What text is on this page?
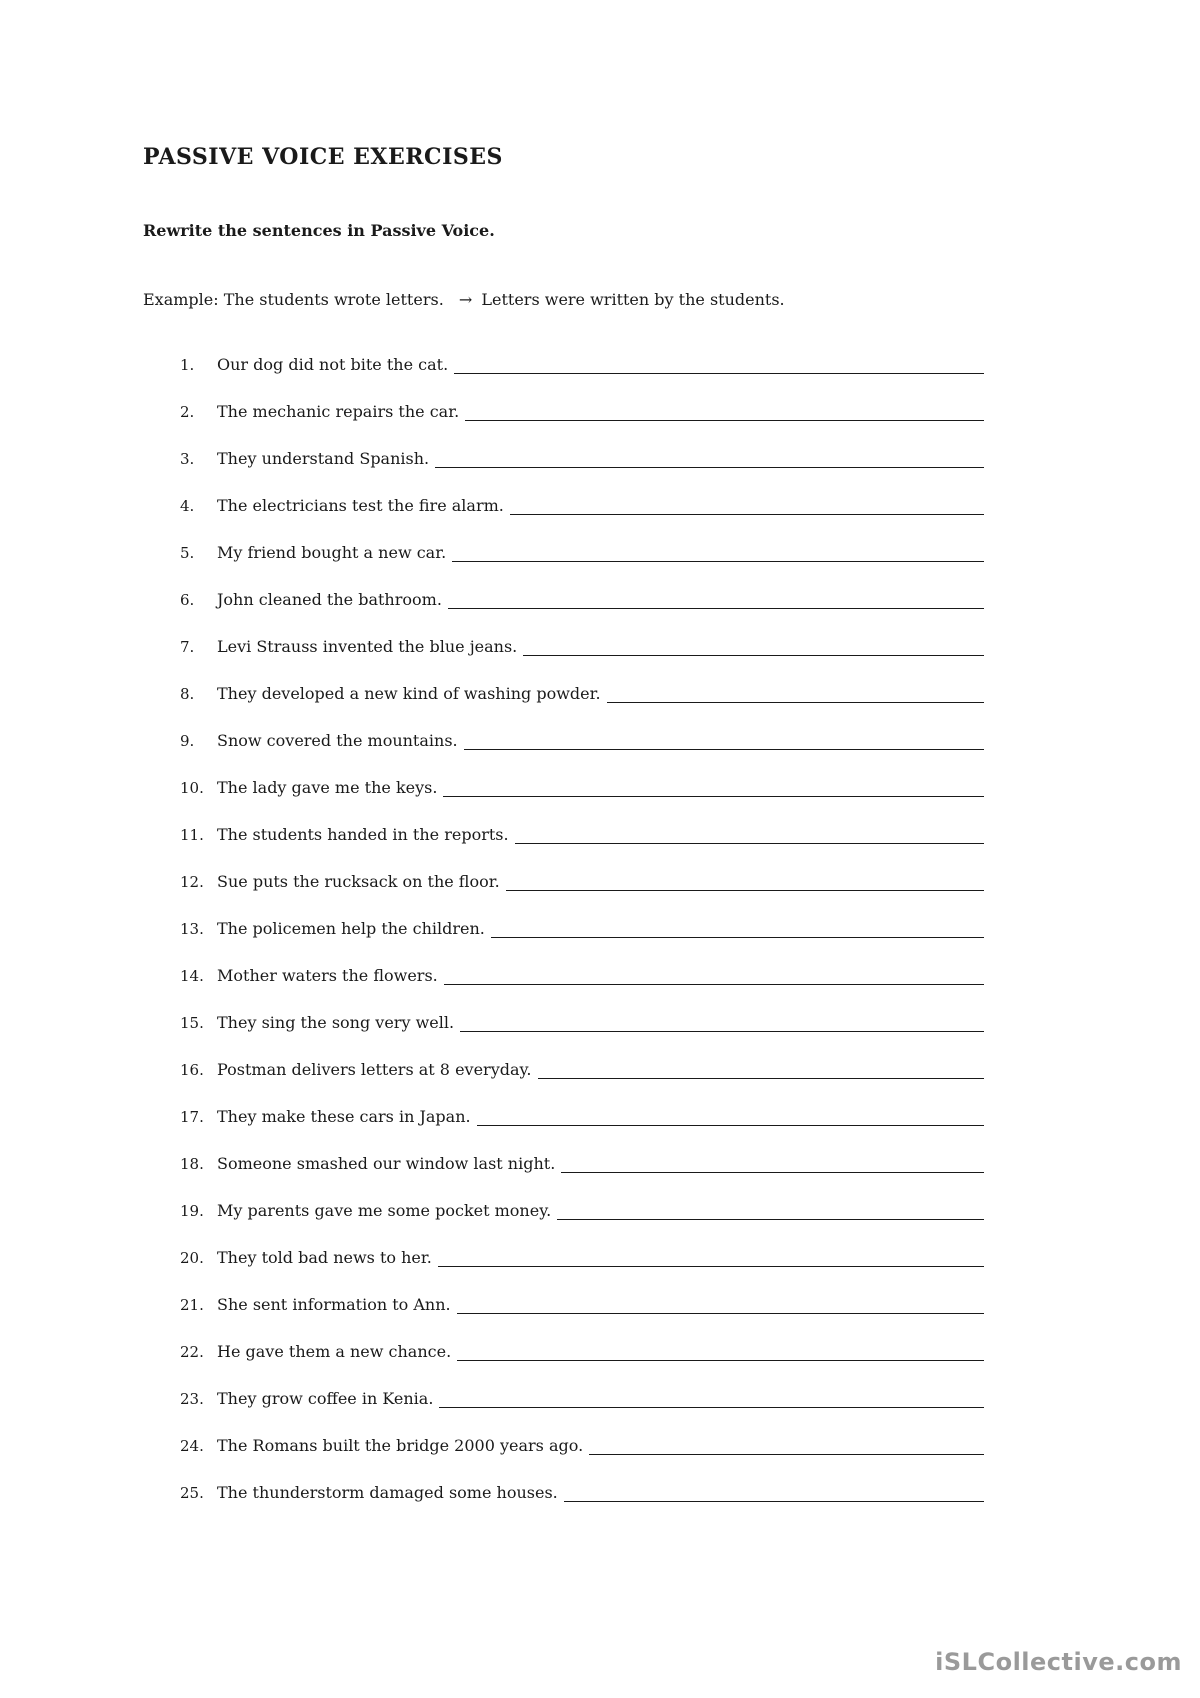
PASSIVE VOICE EXERCISES

Rewrite the sentences in Passive Voice.

Example: The students wrote letters. → Letters were written by the students.

1.	Our dog did not bite the cat.
2.	The mechanic repairs the car.
3.	They understand Spanish.
4.	The electricians test the fire alarm.
5.	My friend bought a new car.
6.	John cleaned the bathroom.
7.	Levi Strauss invented the blue jeans.
8.	They developed a new kind of washing powder.
9.	Snow covered the mountains.
10. The lady gave me the keys.
11. The students handed in the reports.
12. Sue puts the rucksack on the floor.
13. The policemen help the children.
14. Mother waters the flowers.
15. They sing the song very well.
16. Postman delivers letters at 8 everyday.
17. They make these cars in Japan.
18. Someone smashed our window last night.
19. My parents gave me some pocket money.
20. They told bad news to her.
21. She sent information to Ann.
22. He gave them a new chance.
23. They grow coffee in Kenia.
24. The Romans built the bridge 2000 years ago.
25. The thunderstorm damaged some houses.
iSLCollective.com
